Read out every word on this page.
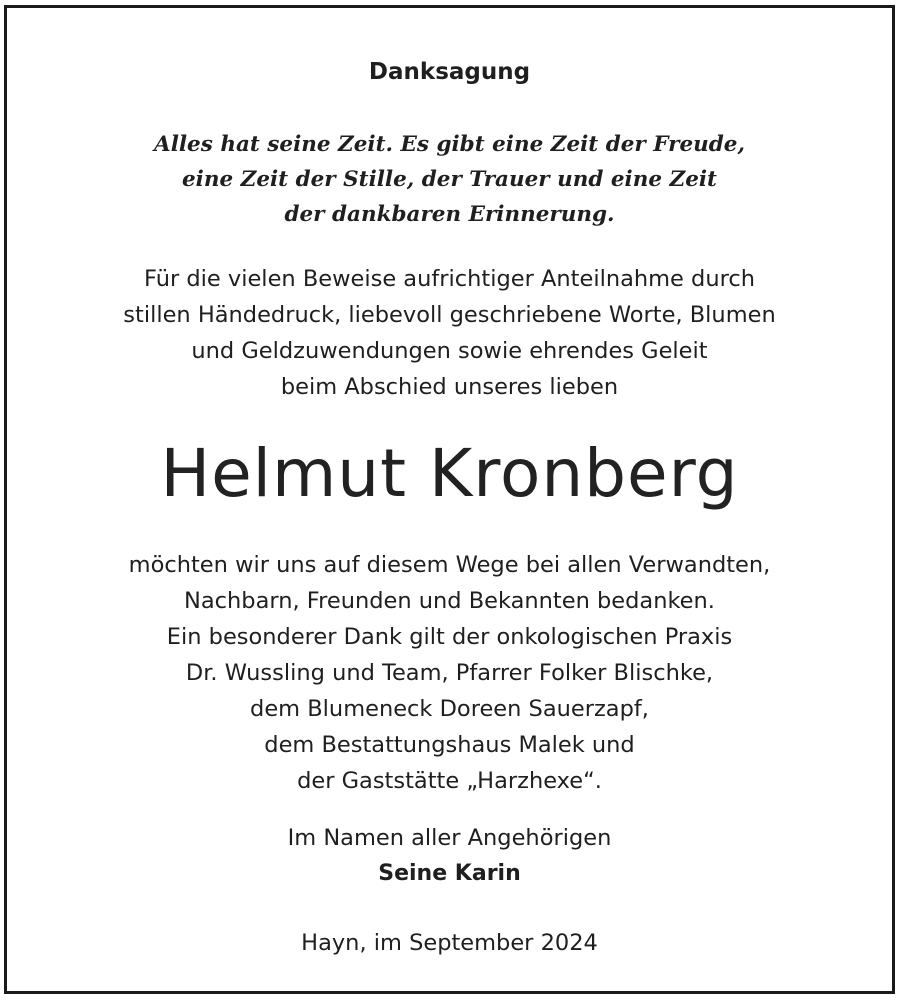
Danksagung
Alles hat seine Zeit. Es gibt eine Zeit der Freude,
eine Zeit der Stille, der Trauer und eine Zeit
der dankbaren Erinnerung.
Für die vielen Beweise aufrichtiger Anteilnahme durch
stillen Händedruck, liebevoll geschriebene Worte, Blumen
und Geldzuwendungen sowie ehrendes Geleit
beim Abschied unseres lieben
Helmut Kronberg
möchten wir uns auf diesem Wege bei allen Verwandten,
Nachbarn, Freunden und Bekannten bedanken.
Ein besonderer Dank gilt der onkologischen Praxis
Dr. Wussling und Team, Pfarrer Folker Blischke,
dem Blumeneck Doreen Sauerzapf,
dem Bestattungshaus Malek und
der Gaststätte „Harzhexe“.
Im Namen aller Angehörigen
Seine Karin
Hayn, im September 2024
